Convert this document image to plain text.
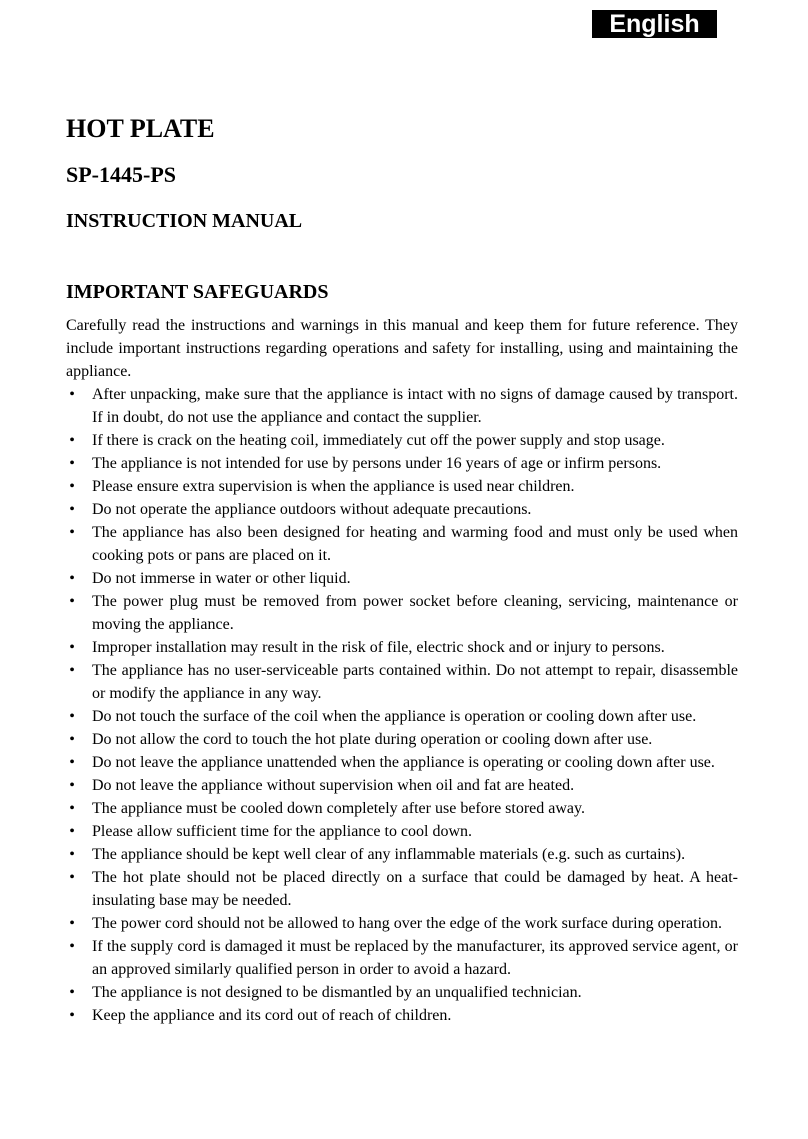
English
HOT PLATE
SP-1445-PS
INSTRUCTION MANUAL
IMPORTANT SAFEGUARDS

Carefully read the instructions and warnings in this manual and keep them for future reference. They include important instructions regarding operations and safety for installing, using and maintaining the appliance.

• After unpacking, make sure that the appliance is intact with no signs of damage caused by transport. If in doubt, do not use the appliance and contact the supplier.
• If there is crack on the heating coil, immediately cut off the power supply and stop usage.
• The appliance is not intended for use by persons under 16 years of age or infirm persons.
• Please ensure extra supervision is when the appliance is used near children.
• Do not operate the appliance outdoors without adequate precautions.
• The appliance has also been designed for heating and warming food and must only be used when cooking pots or pans are placed on it.
• Do not immerse in water or other liquid.
• The power plug must be removed from power socket before cleaning, servicing, maintenance or moving the appliance.
• Improper installation may result in the risk of file, electric shock and or injury to persons.
• The appliance has no user-serviceable parts contained within. Do not attempt to repair, disassemble or modify the appliance in any way.
• Do not touch the surface of the coil when the appliance is operation or cooling down after use.
• Do not allow the cord to touch the hot plate during operation or cooling down after use.
• Do not leave the appliance unattended when the appliance is operating or cooling down after use.
• Do not leave the appliance without supervision when oil and fat are heated.
• The appliance must be cooled down completely after use before stored away.
• Please allow sufficient time for the appliance to cool down.
• The appliance should be kept well clear of any inflammable materials (e.g. such as curtains).
• The hot plate should not be placed directly on a surface that could be damaged by heat. A heat-insulating base may be needed.
• The power cord should not be allowed to hang over the edge of the work surface during operation.
• If the supply cord is damaged it must be replaced by the manufacturer, its approved service agent, or an approved similarly qualified person in order to avoid a hazard.
• The appliance is not designed to be dismantled by an unqualified technician.
• Keep the appliance and its cord out of reach of children.
